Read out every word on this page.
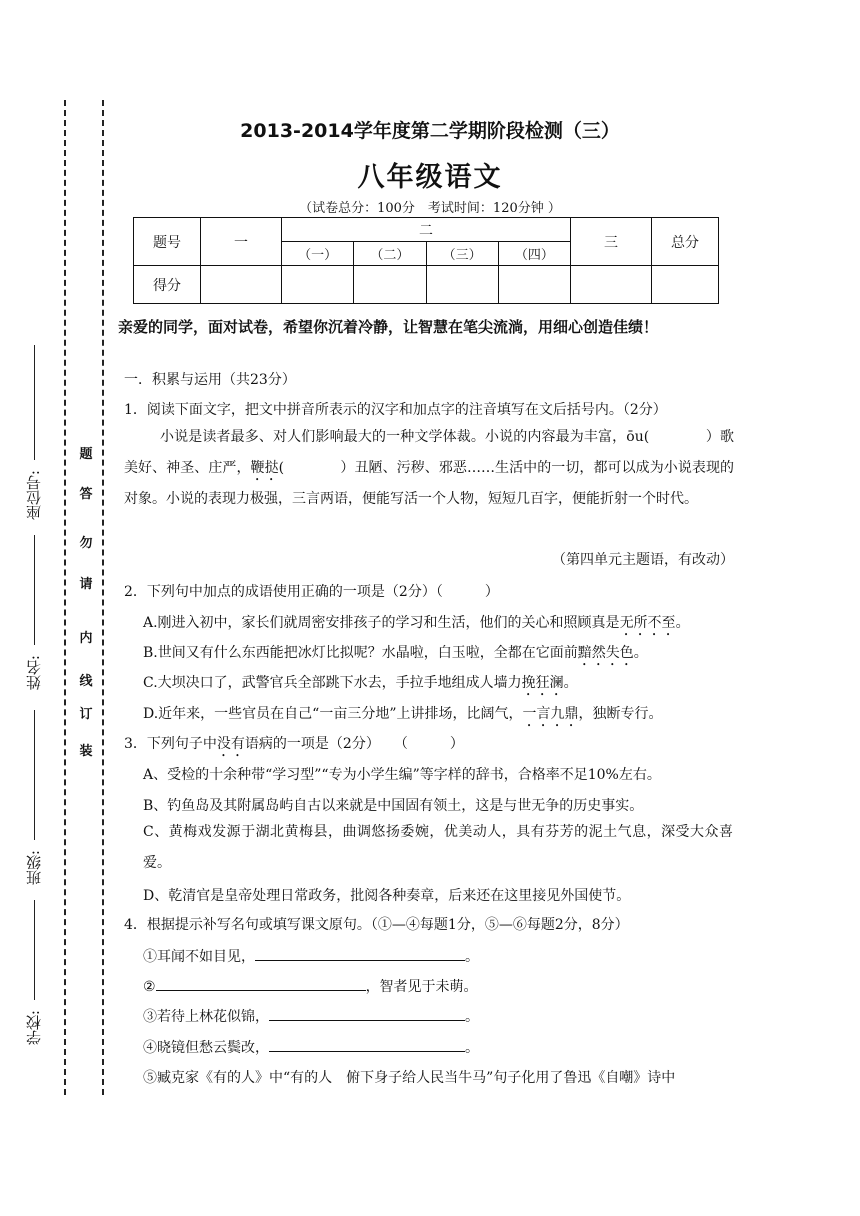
座位号:
姓名:
班级:
学校:
题
答
勿
请
内
线
订
装
2013-2014学年度第二学期阶段检测（三）
八年级语文
（试卷总分：100分　考试时间：120分钟 ）
题号	一	二				三	总分
		（一）	（二）	（三）	（四）		
得分							
亲爱的同学，面对试卷，希望你沉着冷静，让智慧在笔尖流淌，用细心创造佳绩！
一．积累与运用（共23分）
1．阅读下面文字，把文中拼音所表示的汉字和加点字的注音填写在文后括号内。（2分）
小说是读者最多、对人们影响最大的一种文学体裁。小说的内容最为丰富，ōu(　　　　）歌美好、神圣、庄严，鞭挞(　　　　）丑陋、污秽、邪恶……生活中的一切，都可以成为小说表现的对象。小说的表现力极强，三言两语，便能写活一个人物，短短几百字，便能折射一个时代。
（第四单元主题语，有改动）
2．下列句中加点的成语使用正确的一项是（2分）（　　　）
A.刚进入初中，家长们就周密安排孩子的学习和生活，他们的关心和照顾真是无所不至。
B.世间又有什么东西能把冰灯比拟呢？水晶啦，白玉啦，全都在它面前黯然失色。
C.大坝决口了，武警官兵全部跳下水去，手拉手地组成人墙力挽狂澜。
D.近年来，一些官员在自己“一亩三分地”上讲排场，比阔气，一言九鼎，独断专行。
3．下列句子中没有语病的一项是（2分）　　（　　　）
A、受检的十余种带“学习型”“专为小学生编”等字样的辞书，合格率不足10%左右。
B、钓鱼岛及其附属岛屿自古以来就是中国固有领土，这是与世无争的历史事实。
C、黄梅戏发源于湖北黄梅县，曲调悠扬委婉，优美动人，具有芬芳的泥土气息，深受大众喜爱。
D、乾清官是皇帝处理日常政务，批阅各种奏章，后来还在这里接见外国使节。
4．根据提示补写名句或填写课文原句。（①—④每题1分，⑤—⑥每题2分，8分）
①耳闻不如目见，	。
②	，智者见于未萌。
③若待上林花似锦，	。
④晓镜但愁云鬓改，	。
⑤臧克家《有的人》中“有的人　俯下身子给人民当牛马”句子化用了鲁迅《自嘲》诗中
